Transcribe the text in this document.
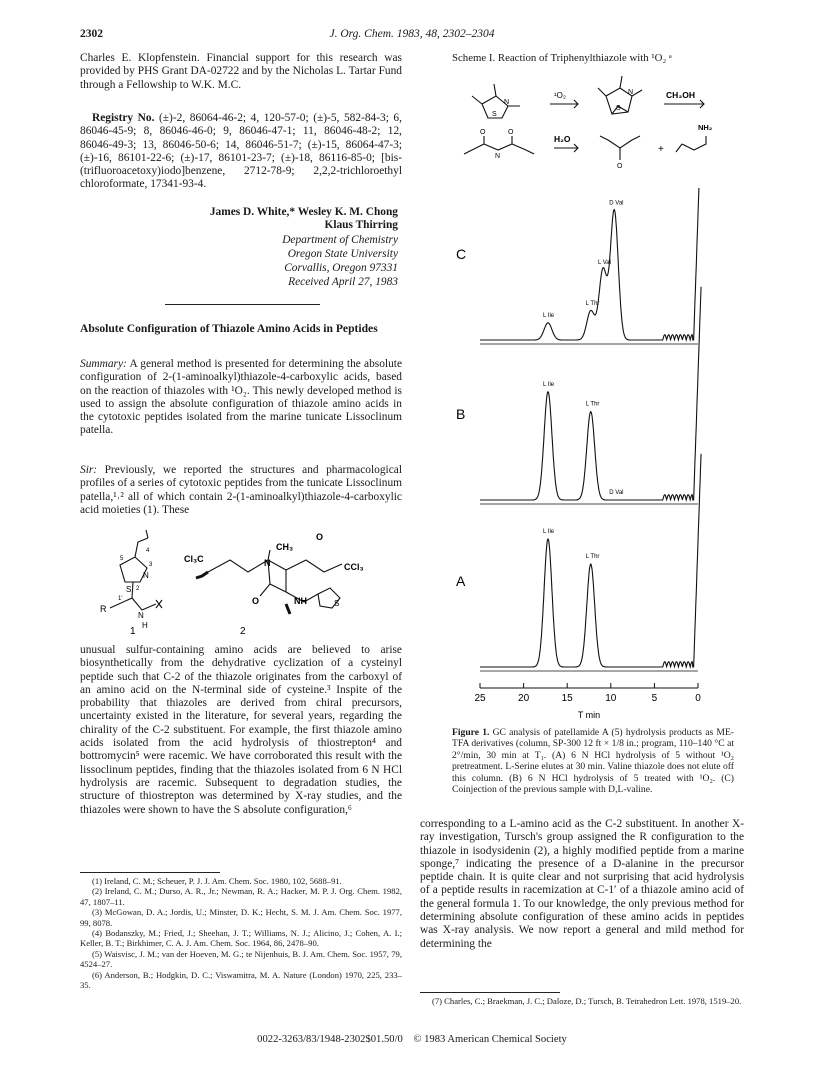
2302	J. Org. Chem. 1983, 48, 2302–2304
Charles E. Klopfenstein. Financial support for this research was provided by PHS Grant DA-02722 and by the Nicholas L. Tartar Fund through a Fellowship to W.K. M.C.
Registry No. (±)-2, 86064-46-2; 4, 120-57-0; (±)-5, 582-84-3; 6, 86046-45-9; 8, 86046-46-0; 9, 86046-47-1; 11, 86046-48-2; 12, 86046-49-3; 13, 86046-50-6; 14, 86046-51-7; (±)-15, 86064-47-3; (±)-16, 86101-22-6; (±)-17, 86101-23-7; (±)-18, 86116-85-0; [bis-(trifluoroacetoxy)iodo]benzene, 2712-78-9; 2,2,2-trichloroethyl chloroformate, 17341-93-4.
James D. White,* Wesley K. M. Chong
Klaus Thirring
Department of Chemistry
Oregon State University
Corvallis, Oregon 97331
Received April 27, 1983
Absolute Configuration of Thiazole Amino Acids in Peptides
Summary: A general method is presented for determining the absolute configuration of 2-(1-aminoalkyl)thiazole-4-carboxylic acids, based on the reaction of thiazoles with ¹O₂. This newly developed method is used to assign the absolute configuration of thiazole amino acids in the cytotoxic peptides isolated from the marine tunicate Lissoclinum patella.
Sir: Previously, we reported the structures and pharmacological profiles of a series of cytotoxic peptides from the tunicate Lissoclinum patella,¹˒² all of which contain 2-(1-aminoalkyl)thiazole-4-carboxylic acid moieties (1). These
S
N
R
N
H
5
4
3
2
1'
Cl₃C
CH₃
N	CCl₃
NH
O
O
S
1	2
unusual sulfur-containing amino acids are believed to arise biosynthetically from the dehydrative cyclization of a cysteinyl peptide such that C-2 of the thiazole originates from the carboxyl of an amino acid on the N-terminal side of cysteine.³ Inspite of the probability that thiazoles are derived from chiral precursors, uncertainty existed in the literature, for several years, regarding the chirality of the C-2 substituent. For example, the first thiazole amino acids isolated from the acid hydrolysis of thiostrepton⁴ and bottromycin⁵ were racemic. We have corroborated this result with the lissoclinum peptides, finding that the thiazoles isolated from 6 N HCl hydrolysis are racemic. Subsequent to degradation studies, the structure of thiostrepton was determined by X-ray studies, and the thiazoles were shown to have the S absolute configuration,⁶
(1) Ireland, C. M.; Scheuer, P. J. J. Am. Chem. Soc. 1980, 102, 5688–91.
(2) Ireland, C. M.; Durso, A. R., Jr.; Newman, R. A.; Hacker, M. P. J. Org. Chem. 1982, 47, 1807–11.
(3) McGowan, D. A.; Jordis, U.; Minster, D. K.; Hecht, S. M. J. Am. Chem. Soc. 1977, 99, 8078.
(4) Bodanszky, M.; Fried, J.; Sheehan, J. T.; Williams, N. J.; Alicino, J.; Cohen, A. I.; Keller, B. T.; Birkhimer, C. A. J. Am. Chem. Soc. 1964, 86, 2478–90.
(5) Waisvisc, J. M.; van der Hoeven, M. G.; te Nijenhuis, B. J. Am. Chem. Soc. 1957, 79, 4524–27.
(6) Anderson, B.; Hodgkin, D. C.; Viswamitra, M. A. Nature (London) 1970, 225, 233–35.
Scheme I. Reaction of Triphenylthiazole with ¹O₂ ᵃ
S
N
S
N
¹O₂	CH₃OH
H₂O
+
NH₂
O	O
N
O
C
L Ile
L Thr
L Val
D Val
B
L Ile
L Thr
D Val
A
L Ile
L Thr
25	20	15	10	5	0
T min
Figure 1. GC analysis of patellamide A (5) hydrolysis products as ME-TFA derivatives (column, SP-300 12 ft × 1/8 in.; program, 110–140 °C at 2°/min, 30 min at T₁. (A) 6 N HCl hydrolysis of 5 without ¹O₂ pretreatment. L-Serine elutes at 30 min. Valine thiazole does not elute off this column. (B) 6 N HCl hydrolysis of 5 treated with ¹O₂. (C) Coinjection of the previous sample with D,L-valine.
corresponding to a L-amino acid as the C-2 substituent. In another X-ray investigation, Tursch's group assigned the R configuration to the thiazole in isodysidenin (2), a highly modified peptide from a marine sponge,⁷ indicating the presence of a D-alanine in the precursor peptide chain. It is quite clear and not surprising that acid hydrolysis of a peptide results in racemization at C-1′ of a thiazole amino acid of the general formula 1. To our knowledge, the only previous method for determining absolute configuration of these amino acids in peptides was X-ray analysis. We now report a general and mild method for determining the
(7) Charles, C.; Braekman, J. C.; Daloze, D.; Tursch, B. Tetrahedron Lett. 1978, 1519–20.
0022-3263/83/1948-2302$01.50/0 © 1983 American Chemical Society
